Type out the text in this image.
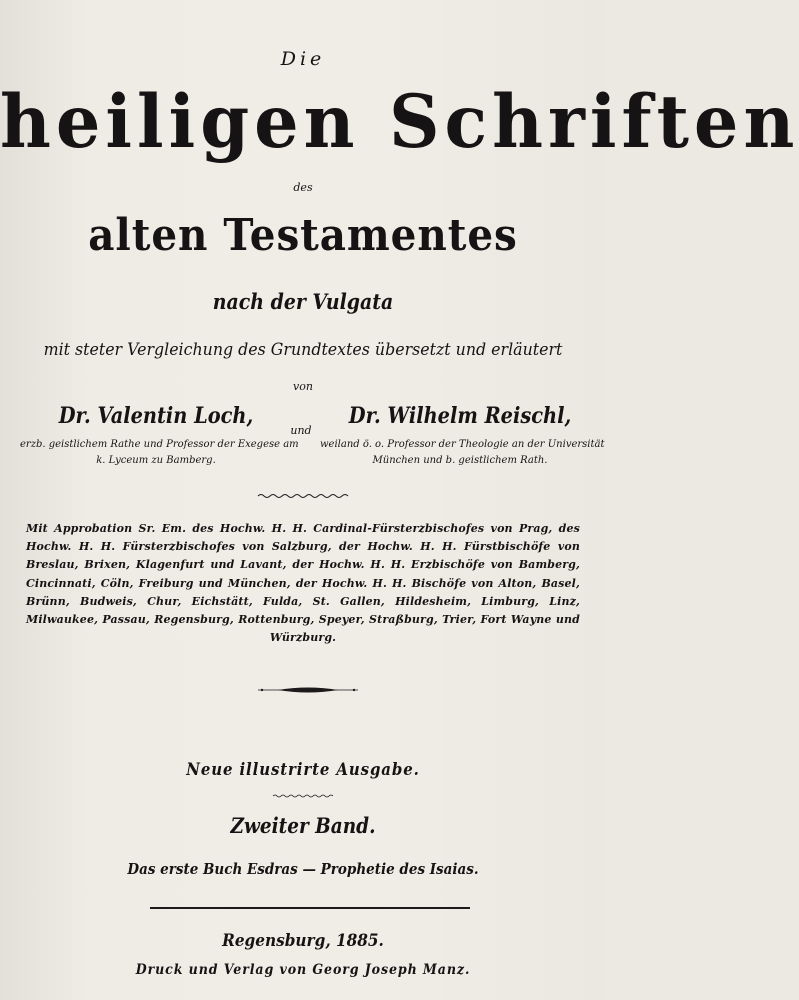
Die
heiligen Schriften
des
alten Testamentes
nach der Vulgata
mit steter Vergleichung des Grundtextes übersetzt und erläutert
von
Dr. Valentin Loch,
erzb. geistlichem Rathe und Professor der Exegese am
k. Lyceum zu Bamberg.
und
Dr. Wilhelm Reischl,
weiland ö. o. Professor der Theologie an der Universität
München und b. geistlichem Rath.
Mit Approbation Sr. Em. des Hochw. H. H. Cardinal-Fürsterzbischofes von Prag, des Hochw. H. H. Fürsterzbischofes von Salzburg, der Hochw. H. H. Fürstbischöfe von Breslau, Brixen, Klagenfurt und Lavant, der Hochw. H. H. Erzbischöfe von Bamberg, Cincinnati, Cöln, Freiburg und München, der Hochw. H. H. Bischöfe von Alton, Basel, Brünn, Budweis, Chur, Eichstätt, Fulda, St. Gallen, Hildesheim, Limburg, Linz, Milwaukee, Passau, Regensburg, Rottenburg, Speyer, Straßburg, Trier, Fort Wayne und Würzburg.
Neue illustrirte Ausgabe.
Zweiter Band.
Das erste Buch Esdras — Prophetie des Isaias.
Regensburg, 1885.
Druck und Verlag von Georg Joseph Manz.
